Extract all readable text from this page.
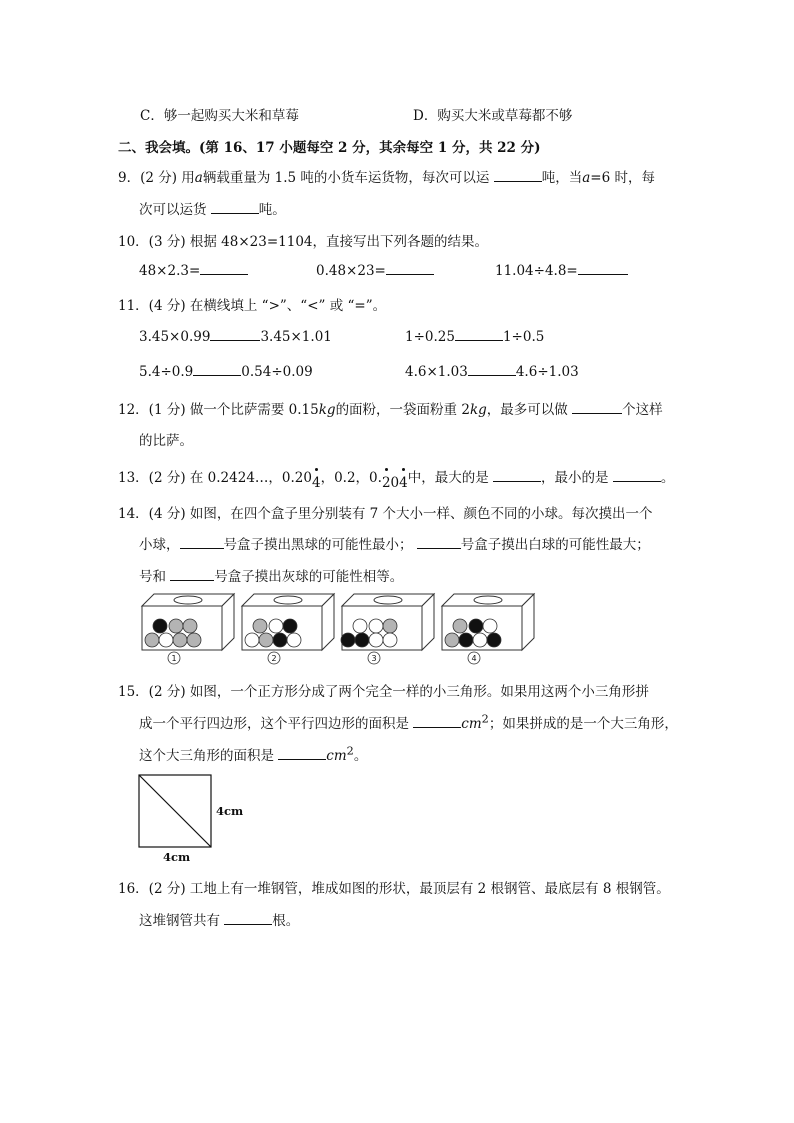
C．够一起购买大米和草莓	D．购买大米或草莓都不够
二、我会填。(第 16、17 小题每空 2 分，其余每空 1 分，共 22 分)
9．(2 分) 用a辆载重量为 1.5 吨的小货车运货物，每次可以运	吨，当a=6 时，每
次可以运货	吨。
10．(3 分) 根据 48×23=1104，直接写出下列各题的结果。
48×2.3=	0.48×23=	11.04÷4.8=
11．(4 分) 在横线填上 “>”、“<” 或 “=”。
3.45×0.99	3.45×1.01	1÷0.25	1÷0.5
5.4÷0.9	0.54÷0.09	4.6×1.03	4.6÷1.03
12．(1 分) 做一个比萨需要 0.15kg的面粉，一袋面粉重 2kg，最多可以做	个这样
的比萨。
13．(2 分) 在 0.2424…，0.20
4，0.2，0.
20
4中，最大的是	，最小的是	。
14．(4 分) 如图，在四个盒子里分别装有 7 个大小一样、颜色不同的小球。每次摸出一个
小球，	号盒子摸出黑球的可能性最小；	号盒子摸出白球的可能性最大；
号和	号盒子摸出灰球的可能性相等。
1	2	3	4
15．(2 分) 如图，一个正方形分成了两个完全一样的小三角形。如果用这两个小三角形拼
成一个平行四边形，这个平行四边形的面积是	$cm^2$；如果拼成的是一个大三角形，
这个大三角形的面积是	$cm^2$。
4cm
4cm
16．(2 分) 工地上有一堆钢管，堆成如图的形状，最顶层有 2 根钢管、最底层有 8 根钢管。
这堆钢管共有	根。
